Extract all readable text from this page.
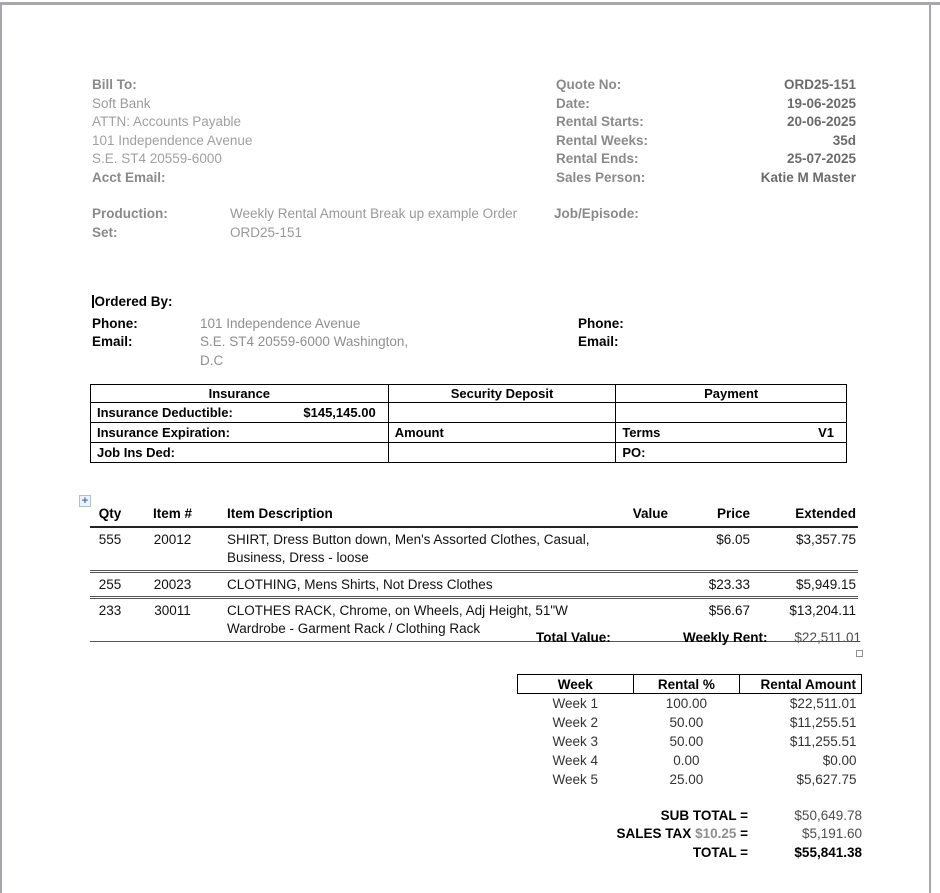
Bill To:
Soft Bank
ATTN: Accounts Payable
101 Independence Avenue
S.E. ST4 20559-6000
Acct Email:
Quote No:	ORD25-151
Date:	19-06-2025
Rental Starts:	20-06-2025
Rental Weeks:	35d
Rental Ends:	25-07-2025
Sales Person:	Katie M Master
Production:	Weekly Rental Amount Break up example Order
Set:	ORD25-151
Job/Episode:
Ordered By:
Phone:	101 Independence Avenue	Phone:
Email:	S.E. ST4 20559-6000 Washington, D.C
Email:
Insurance	Security Deposit	Payment

Insurance Deductible: $145,145.00		

Insurance Expiration:	Amount	Terms V1

Job Ins Ded:		PO:
+
Qty	Item #	Item Description	Value	Price	Extended
555	20012	SHIRT, Dress Button down, Men's Assorted Clothes, Casual, Business, Dress - loose		$6.05	$3,357.75
255	20023	CLOTHING, Mens Shirts, Not Dress Clothes		$23.33	$5,949.15
233	30011	CLOTHES RACK, Chrome, on Wheels, Adj Height, 51"W Wardrobe - Garment Rack / Clothing Rack		$56.67	$13,204.11
Total Value:	Weekly Rent:	$22,511.01
Week	Rental %	Rental Amount
Week 1	100.00	$22,511.01
Week 2	50.00	$11,255.51
Week 3	50.00	$11,255.51
Week 4	0.00	$0.00
Week 5	25.00	$5,627.75
SUB TOTAL =	$50,649.78
SALES TAX $10.25 =	$5,191.60
TOTAL =	$55,841.38
